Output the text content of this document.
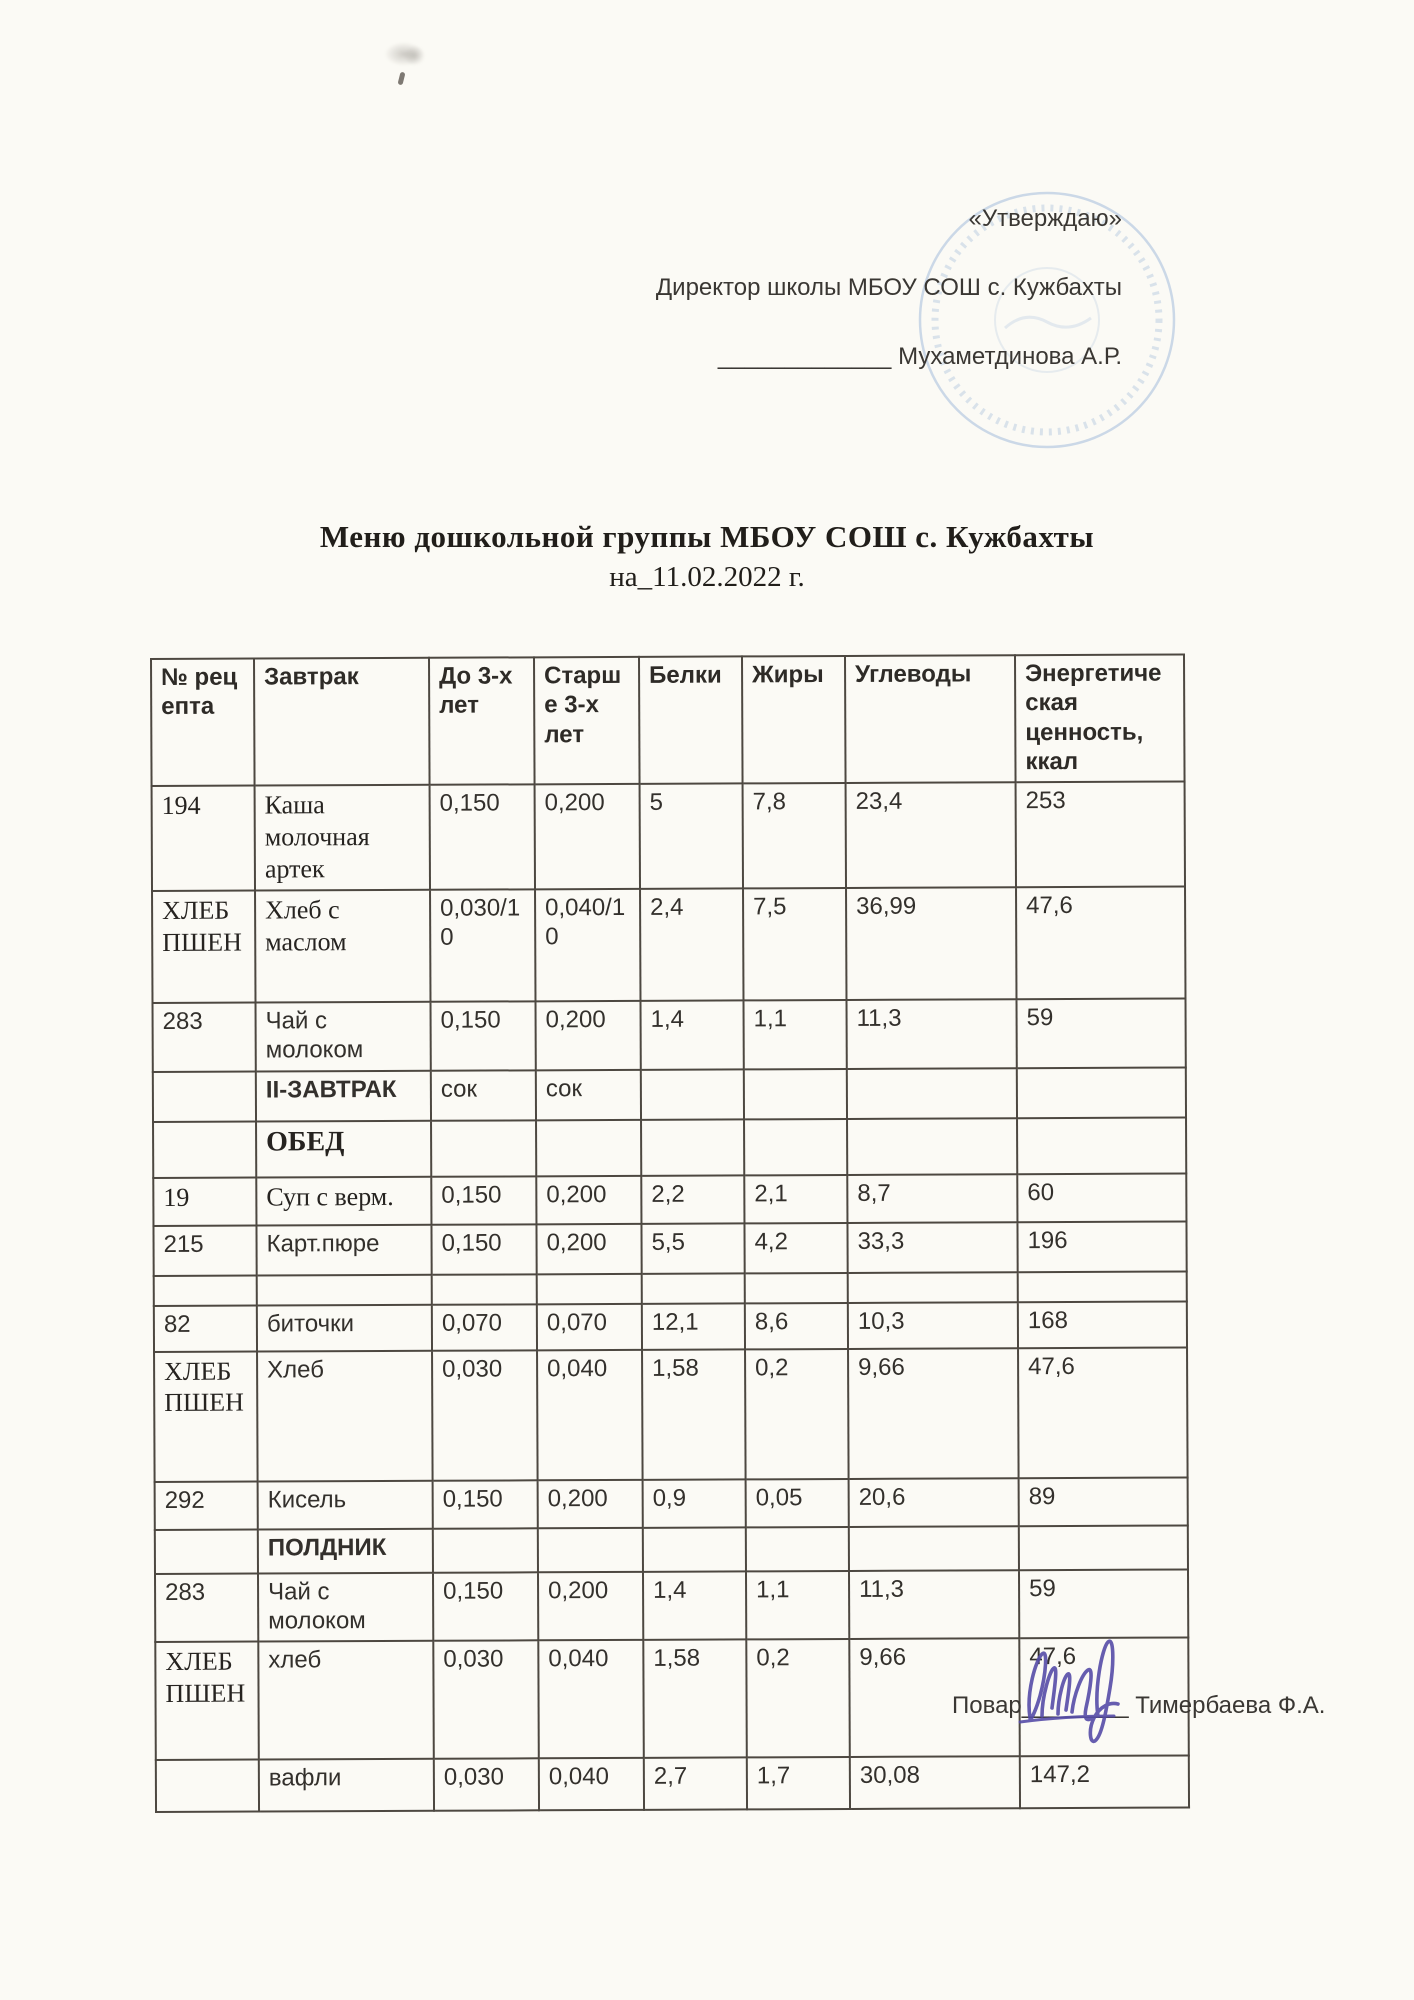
«Утверждаю»
Директор школы МБОУ СОШ с. Кужбахты
_____________ Мухаметдинова А.Р.
Меню дошкольной группы МБОУ СОШ с. Кужбахты
на_11.02.2022 г.
№ рецепта	Завтрак	До 3-х лет	Старше 3-х лет	Белки	Жиры	Углеводы	Энергетическая ценность, ккал
194	Каша молочная артек	0,150	0,200	5	7,8	23,4	253
ХЛЕБ ПШЕН	Хлеб с маслом	0,030/10	0,040/10	2,4	7,5	36,99	47,6
283	Чай с молоком	0,150	0,200	1,4	1,1	11,3	59
	II-ЗАВТРАК	сок	сок				
	ОБЕД						
19	Суп с верм.	0,150	0,200	2,2	2,1	8,7	60
215	Карт.пюре	0,150	0,200	5,5	4,2	33,3	196

82	биточки	0,070	0,070	12,1	8,6	10,3	168
ХЛЕБ ПШЕН	Хлеб	0,030	0,040	1,58	0,2	9,66	47,6
292	Кисель	0,150	0,200	0,9	0,05	20,6	89
	ПОЛДНИК						
283	Чай с молоком	0,150	0,200	1,4	1,1	11,3	59
ХЛЕБ ПШЕН	хлеб	0,030	0,040	1,58	0,2	9,66	47,6
	вафли	0,030	0,040	2,7	1,7	30,08	147,2
Повар________ Тимербаева Ф.А.
